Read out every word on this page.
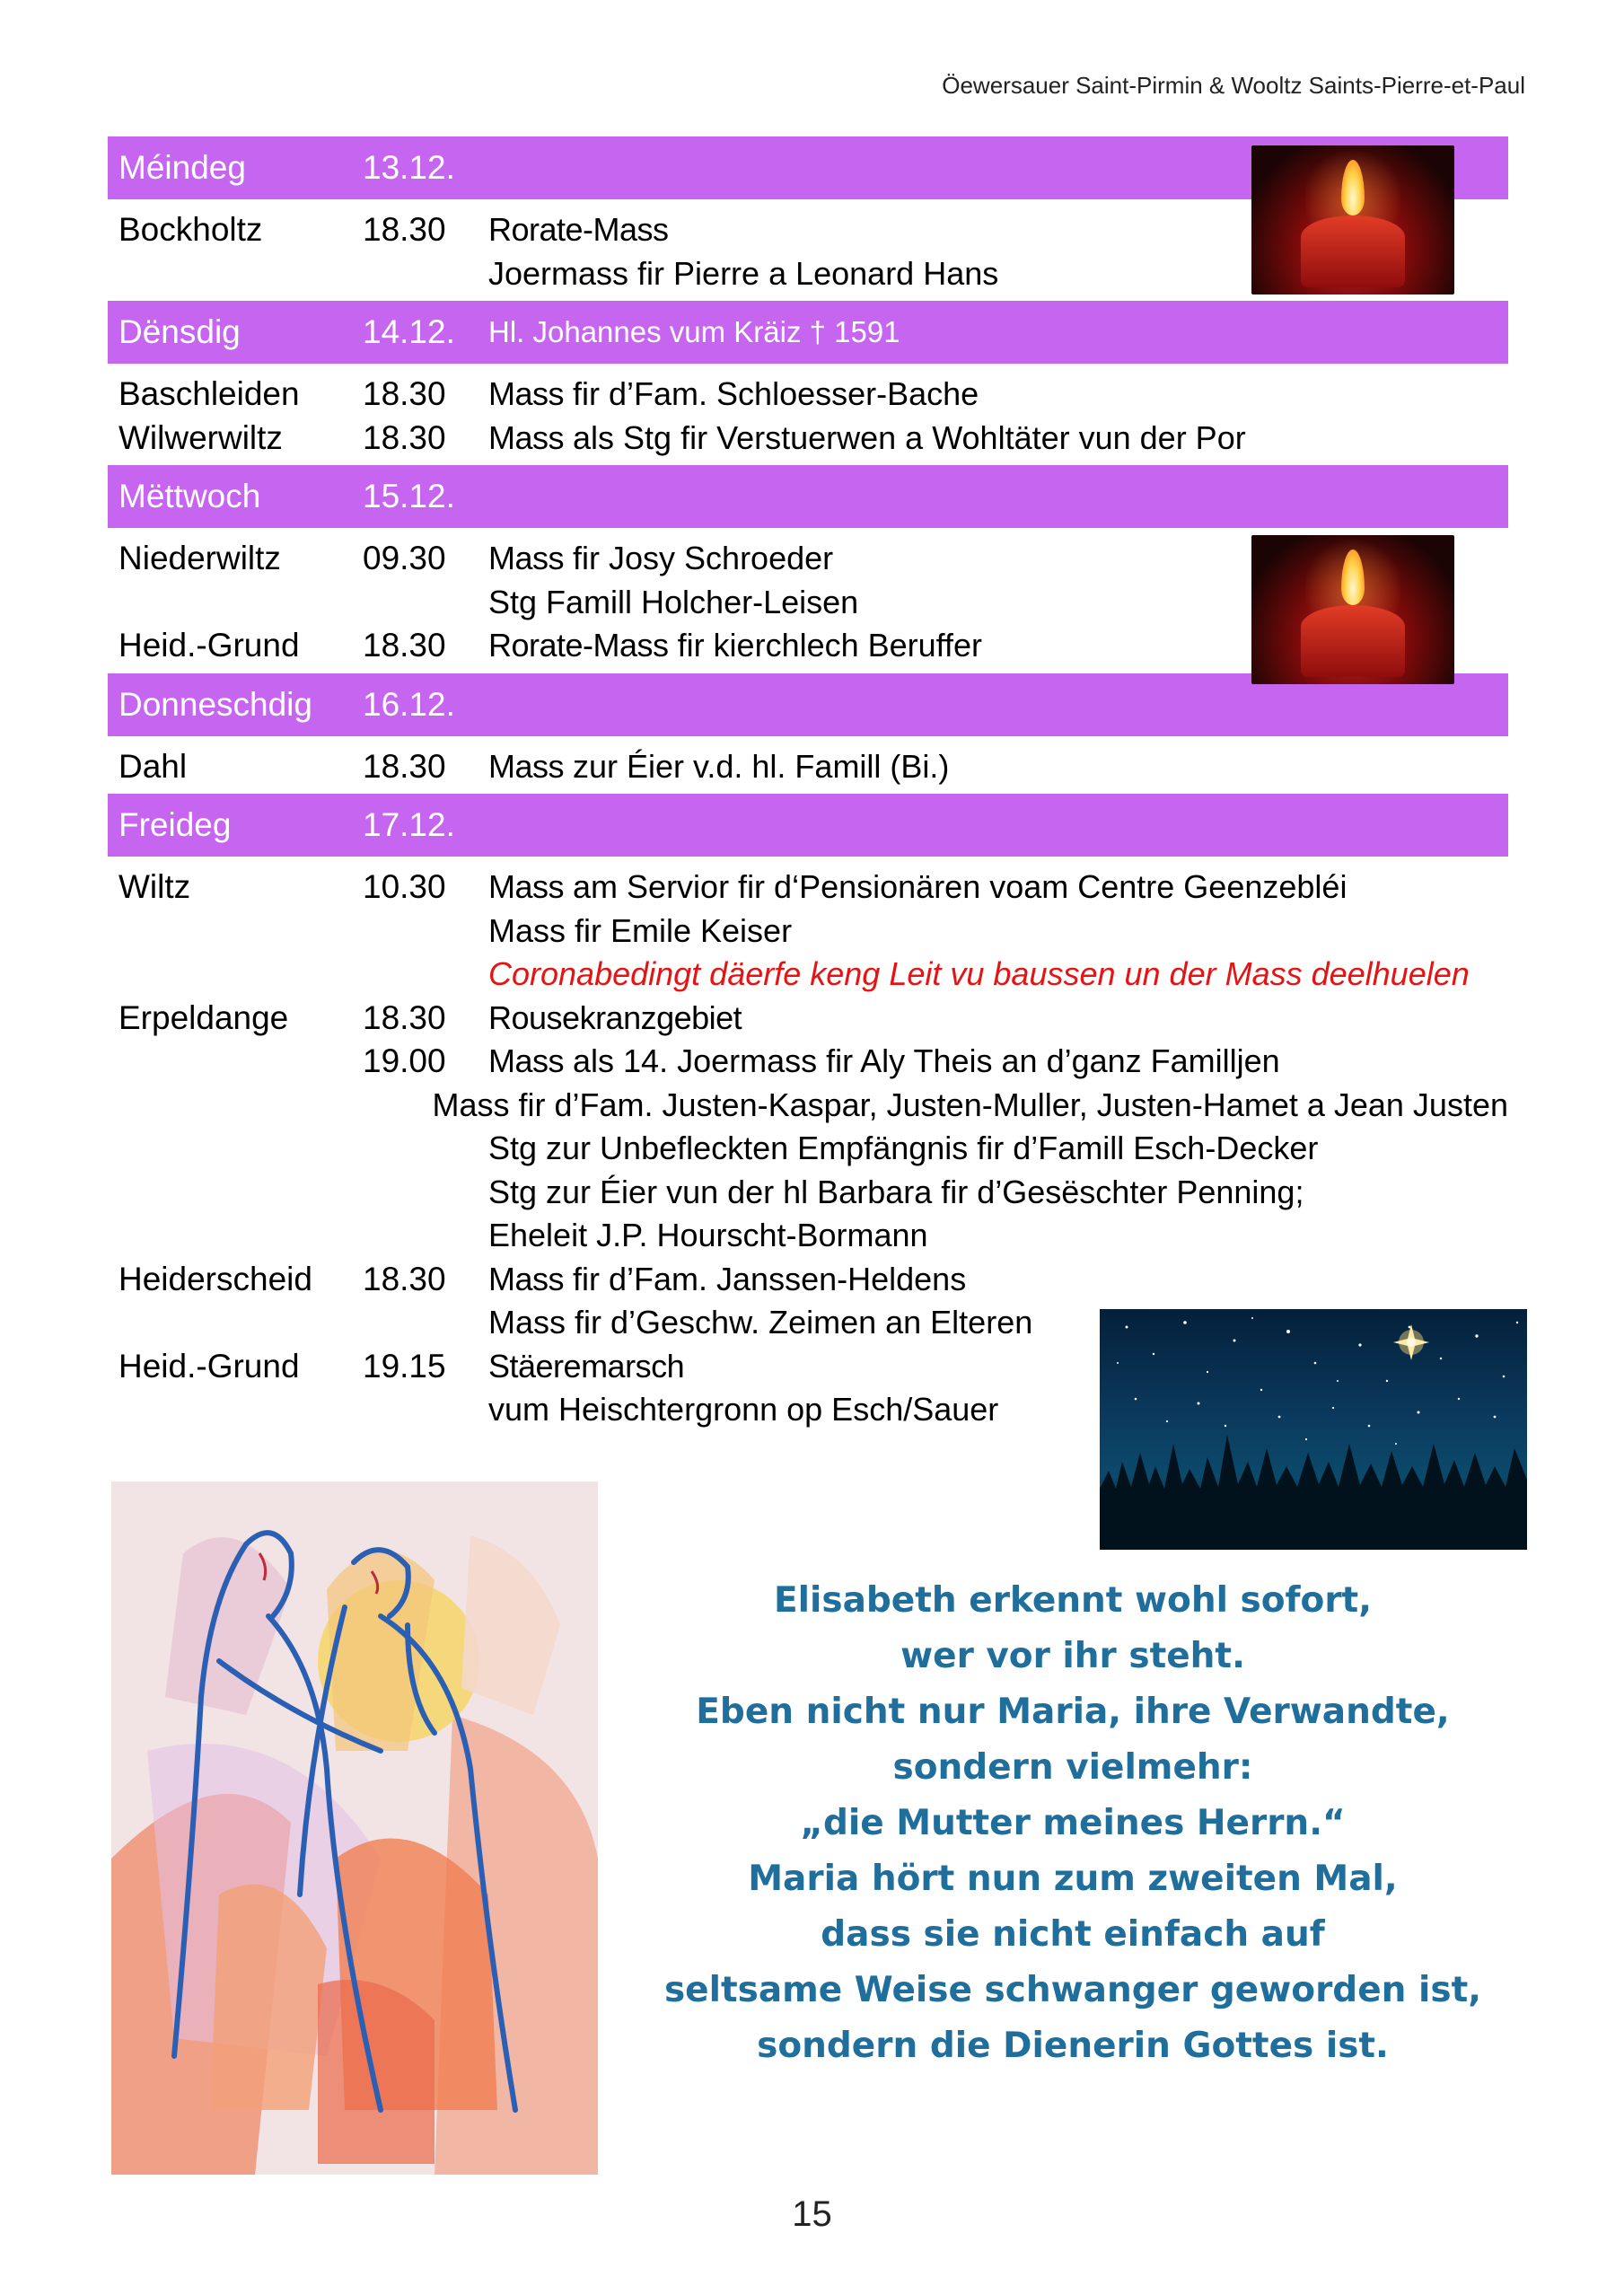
Öewersauer Saint-Pirmin & Wooltz Saints-Pierre-et-Paul
Méindeg	13.12.
Bockholtz	18.30	Rorate-Mass
Joermass fir Pierre a Leonard Hans
Dënsdig	14.12.	Hl. Johannes vum Kräiz † 1591
Baschleiden	18.30	Mass fir d’Fam. Schloesser-Bache
Wilwerwiltz	18.30	Mass als Stg fir Verstuerwen a Wohltäter vun der Por
Mëttwoch	15.12.
Niederwiltz	09.30	Mass fir Josy Schroeder
Stg Famill Holcher-Leisen
Heid.-Grund	18.30	Rorate-Mass fir kierchlech Beruffer
Donneschdig	16.12.
Dahl	18.30	Mass zur Éier v.d. hl. Famill (Bi.)
Freideg	17.12.
Wiltz	10.30	Mass am Servior fir d‘Pensionären voam Centre Geenzebléi
Mass fir Emile Keiser
Coronabedingt däerfe keng Leit vu baussen un der Mass deelhuelen
Erpeldange	18.30	Rousekranzgebiet
19.00	Mass als 14. Joermass fir Aly Theis an d’ganz Familljen
Mass fir d’Fam. Justen-Kaspar, Justen-Muller, Justen-Hamet a Jean Justen
Stg zur Unbefleckten Empfängnis fir d’Famill Esch-Decker
Stg zur Éier vun der hl Barbara fir d’Gesëschter Penning;
Eheleit J.P. Hourscht-Bormann
Heiderscheid	18.30	Mass fir d’Fam. Janssen-Heldens
Mass fir d’Geschw. Zeimen an Elteren
Heid.-Grund	19.15	Stäeremarsch
vum Heischtergronn op Esch/Sauer
Elisabeth erkennt wohl sofort,
wer vor ihr steht.
Eben nicht nur Maria, ihre Verwandte,
sondern vielmehr:
„die Mutter meines Herrn.“
Maria hört nun zum zweiten Mal,
dass sie nicht einfach auf
seltsame Weise schwanger geworden ist,
sondern die Dienerin Gottes ist.
15
